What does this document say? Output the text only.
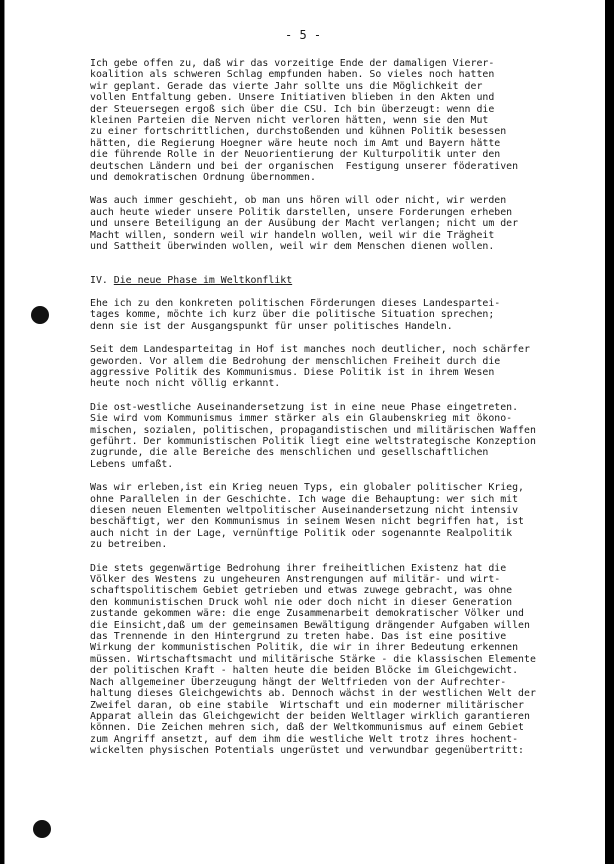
- 5 -

Ich gebe offen zu, daß wir das vorzeitige Ende der damaligen Vierer-
koalition als schweren Schlag empfunden haben. So vieles noch hatten
wir geplant. Gerade das vierte Jahr sollte uns die Möglichkeit der
vollen Entfaltung geben. Unsere Initiativen blieben in den Akten und
der Steuersegen ergoß sich über die CSU. Ich bin überzeugt: wenn die
kleinen Parteien die Nerven nicht verloren hätten, wenn sie den Mut
zu einer fortschrittlichen, durchstoßenden und kühnen Politik besessen
hätten, die Regierung Hoegner wäre heute noch im Amt und Bayern hätte
die führende Rolle in der Neuorientierung der Kulturpolitik unter den
deutschen Ländern und bei der organischen  Festigung unserer föderativen
und demokratischen Ordnung übernommen.

Was auch immer geschieht, ob man uns hören will oder nicht, wir werden
auch heute wieder unsere Politik darstellen, unsere Forderungen erheben
und unsere Beteiligung an der Ausübung der Macht verlangen; nicht um der
Macht willen, sondern weil wir handeln wollen, weil wir die Trägheit
und Sattheit überwinden wollen, weil wir dem Menschen dienen wollen.

IV. Die neue Phase im Weltkonflikt

Ehe ich zu den konkreten politischen Förderungen dieses Landespartei-
tages komme, möchte ich kurz über die politische Situation sprechen;
denn sie ist der Ausgangspunkt für unser politisches Handeln.

Seit dem Landesparteitag in Hof ist manches noch deutlicher, noch schärfer
geworden. Vor allem die Bedrohung der menschlichen Freiheit durch die
aggressive Politik des Kommunismus. Diese Politik ist in ihrem Wesen
heute noch nicht völlig erkannt.

Die ost-westliche Auseinandersetzung ist in eine neue Phase eingetreten.
Sie wird vom Kommunismus immer stärker als ein Glaubenskrieg mit ökono-
mischen, sozialen, politischen, propagandistischen und militärischen Waffen
geführt. Der kommunistischen Politik liegt eine weltstrategische Konzeption
zugrunde, die alle Bereiche des menschlichen und gesellschaftlichen
Lebens umfaßt.

Was wir erleben,ist ein Krieg neuen Typs, ein globaler politischer Krieg,
ohne Parallelen in der Geschichte. Ich wage die Behauptung: wer sich mit
diesen neuen Elementen weltpolitischer Auseinandersetzung nicht intensiv
beschäftigt, wer den Kommunismus in seinem Wesen nicht begriffen hat, ist
auch nicht in der Lage, vernünftige Politik oder sogenannte Realpolitik
zu betreiben.

Die stets gegenwärtige Bedrohung ihrer freiheitlichen Existenz hat die
Völker des Westens zu ungeheuren Anstrengungen auf militär- und wirt-
schaftspolitischem Gebiet getrieben und etwas zuwege gebracht, was ohne
den kommunistischen Druck wohl nie oder doch nicht in dieser Generation
zustande gekommen wäre: die enge Zusammenarbeit demokratischer Völker und
die Einsicht,daß um der gemeinsamen Bewältigung drängender Aufgaben willen
das Trennende in den Hintergrund zu treten habe. Das ist eine positive
Wirkung der kommunistischen Politik, die wir in ihrer Bedeutung erkennen
müssen. Wirtschaftsmacht und militärische Stärke - die klassischen Elemente
der politischen Kraft - halten heute die beiden Blöcke im Gleichgewicht.
Nach allgemeiner Überzeugung hängt der Weltfrieden von der Aufrechter-
haltung dieses Gleichgewichts ab. Dennoch wächst in der westlichen Welt der
Zweifel daran, ob eine stabile  Wirtschaft und ein moderner militärischer
Apparat allein das Gleichgewicht der beiden Weltlager wirklich garantieren
können. Die Zeichen mehren sich, daß der Weltkommunismus auf einem Gebiet
zum Angriff ansetzt, auf dem ihm die westliche Welt trotz ihres hochent-
wickelten physischen Potentials ungerüstet und verwundbar gegenübertritt:
